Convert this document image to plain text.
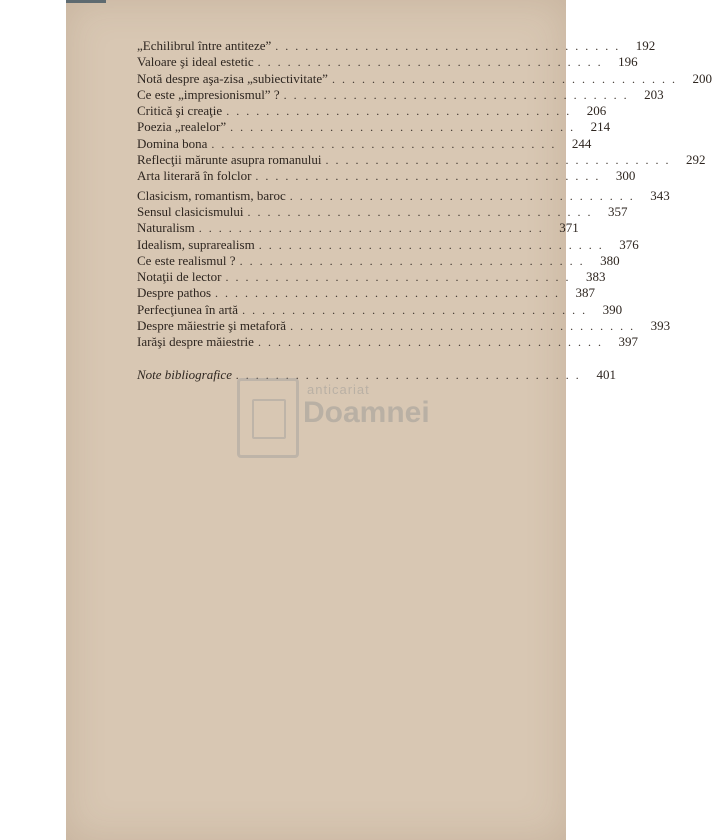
„Echilibrul între antiteze” ................................... 192
Valoare şi ideal estetic ................................... 196
Notă despre aşa-zisa „subiectivitate” ................................... 200
Ce este „impresionismul” ? ................................... 203
Critică şi creaţie ................................... 206
Poezia „realelor” ................................... 214
Domina bona ................................... 244
Reflecţii mărunte asupra romanului ................................... 292
Arta literară în folclor ................................... 300
Clasicism, romantism, baroc ................................... 343
Sensul clasicismului ................................... 357
Naturalism ................................... 371
Idealism, suprarealism ................................... 376
Ce este realismul ? ................................... 380
Notaţii de lector ................................... 383
Despre pathos ................................... 387
Perfecţiunea în artă ................................... 390
Despre măiestrie şi metaforă ................................... 393
Iarăşi despre măiestrie ................................... 397
Note bibliografice ................................... 401
anticariat
Doamnei
